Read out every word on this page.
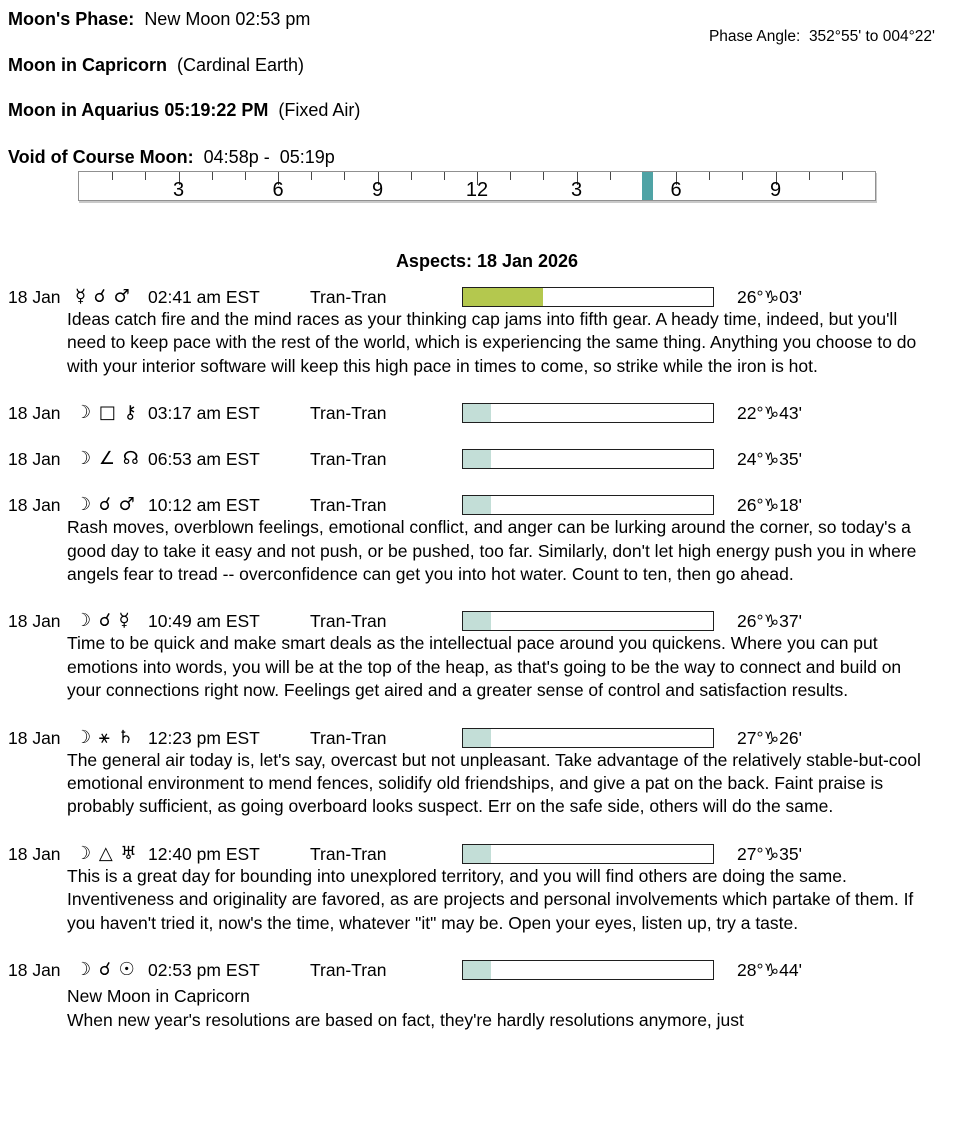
Moon's Phase: New Moon 02:53 pm

Phase Angle: 352°55' to 004°22'

Moon in Capricorn (Cardinal Earth)
Moon in Aquarius 05:19:22 PM (Fixed Air)
Void of Course Moon: 04:58p -  05:19p
3	6	9	12	3	6	9
Aspects: 18 Jan 2026
18 Jan ☿ ☌ ♂ 02:41 am EST	Tran-Tran	26°♑03'
Ideas catch fire and the mind races as your thinking cap jams into fifth gear. A heady time, indeed, but you'll need to keep pace with the rest of the world, which is experiencing the same thing. Anything you choose to do with your interior software will keep this high pace in times to come, so strike while the iron is hot.
18 Jan ☽ □ ⚷ 03:17 am EST	Tran-Tran	22°♑43'
18 Jan ☽ ∠ ☊ 06:53 am EST	Tran-Tran	24°♑35'
18 Jan ☽ ☌ ♂ 10:12 am EST	Tran-Tran	26°♑18'
Rash moves, overblown feelings, emotional conflict, and anger can be lurking around the corner, so today's a good day to take it easy and not push, or be pushed, too far. Similarly, don't let high energy push you in where angels fear to tread -- overconfidence can get you into hot water. Count to ten, then go ahead.
18 Jan ☽ ☌ ☿ 10:49 am EST	Tran-Tran	26°♑37'
Time to be quick and make smart deals as the intellectual pace around you quickens. Where you can put emotions into words, you will be at the top of the heap, as that's going to be the way to connect and build on your connections right now. Feelings get aired and a greater sense of control and satisfaction results.
18 Jan ☽ ⚹ ♄ 12:23 pm EST	Tran-Tran	27°♑26'
The general air today is, let's say, overcast but not unpleasant. Take advantage of the relatively stable-but-cool emotional environment to mend fences, solidify old friendships, and give a pat on the back. Faint praise is probably sufficient, as going overboard looks suspect. Err on the safe side, others will do the same.
18 Jan ☽ △ ♅ 12:40 pm EST	Tran-Tran	27°♑35'
This is a great day for bounding into unexplored territory, and you will find others are doing the same. Inventiveness and originality are favored, as are projects and personal involvements which partake of them. If you haven't tried it, now's the time, whatever "it" may be. Open your eyes, listen up, try a taste.
18 Jan ☽ ☌ ☉ 02:53 pm EST	Tran-Tran	28°♑44'
New Moon in Capricorn
When new year's resolutions are based on fact, they're hardly resolutions anymore, just
